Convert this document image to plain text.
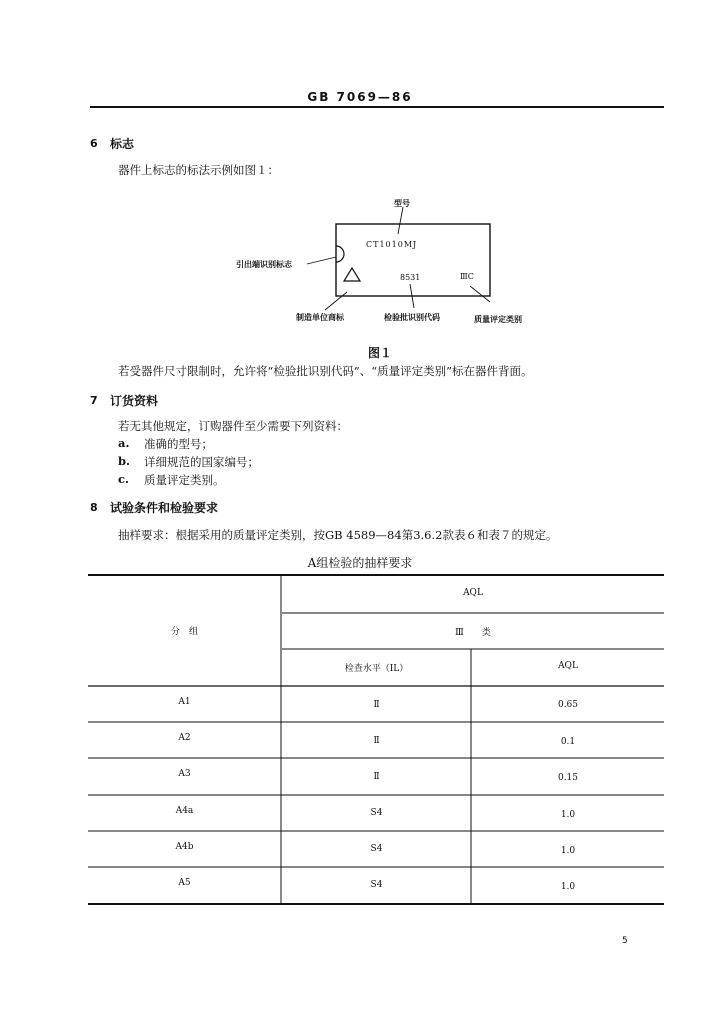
GB 7069—86
6 标志
器件上标志的标法示例如图１：
型号
CT1010MJ
引出端识别标志
8531	ⅢC
制造单位商标	检验批识别代码	质量评定类别
图１
若受器件尺寸限制时，允许将“检验批识别代码”、“质量评定类别”标在器件背面。
7 订货资料
若无其他规定，订购器件至少需要下列资料：
a. 准确的型号；
b. 详细规范的国家编号；
c. 质量评定类别。
8 试验条件和检验要求
抽样要求：根据采用的质量评定类别，按GB 4589—84第3.6.2款表６和表７的规定。
A组检验的抽样要求
分　组
AQL
Ⅲ　　类
检查水平（IL）	AQL
A1	Ⅱ	0.65
A2	Ⅱ	0.1
A3	Ⅱ	0.15
A4a	S4	1.0
A4b	S4	1.0
A5	S4	1.0
5
